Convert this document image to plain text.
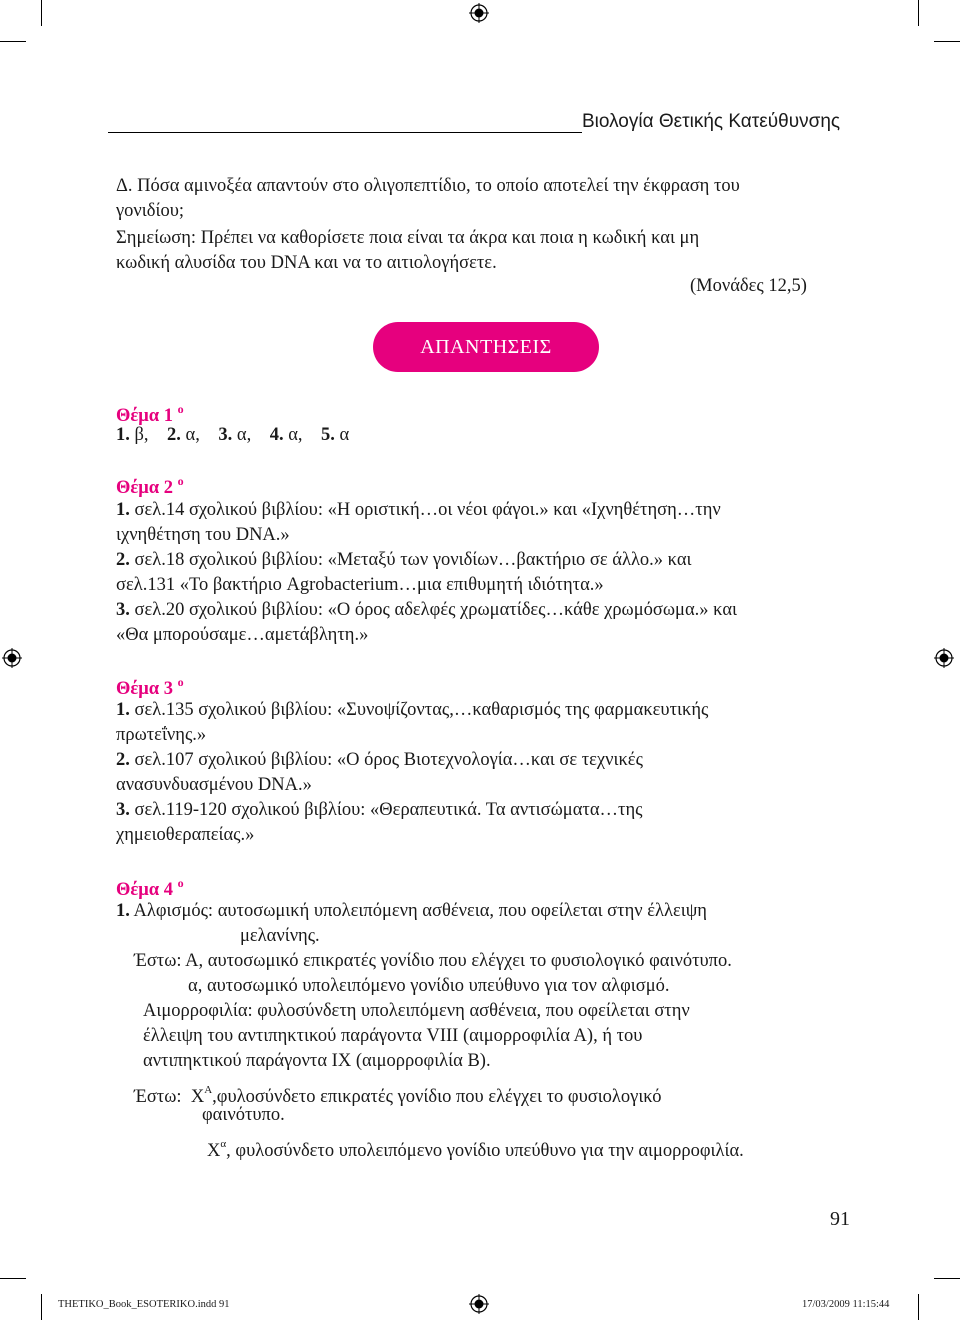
Βιολογία Θετικής Κατεύθυνσης
Δ. Πόσα αμινοξέα απαντούν στο ολιγοπεπτίδιο, το οποίο αποτελεί την έκφραση του
γονιδίου;
Σημείωση: Πρέπει να καθορίσετε ποια είναι τα άκρα και ποια η κωδική και μη
κωδική αλυσίδα του DNA και να το αιτιολογήσετε.
(Μονάδες 12,5)
ΑΠΑΝΤΗΣΕΙΣ
Θέμα 1 $^o$
1. β, 2. α, 3. α, 4. α, 5. α
Θέμα 2 $^o$
1. σελ.14 σχολικού βιβλίου: «Η οριστική…οι νέοι φάγοι.» και «Ιχνηθέτηση…την
ιχνηθέτηση του DNA.»
2. σελ.18 σχολικού βιβλίου: «Μεταξύ των γονιδίων…βακτήριο σε άλλο.» και
σελ.131 «Το βακτήριο Agrobacterium…μια επιθυμητή ιδιότητα.»
3. σελ.20 σχολικού βιβλίου: «Ο όρος αδελφές χρωματίδες…κάθε χρωμόσωμα.» και
«Θα μπορούσαμε…αμετάβλητη.»
Θέμα 3 $^o$
1. σελ.135 σχολικού βιβλίου: «Συνοψίζοντας,…καθαρισμός της φαρμακευτικής
πρωτεΐνης.»
2. σελ.107 σχολικού βιβλίου: «Ο όρος Βιοτεχνολογία…και σε τεχνικές
ανασυνδυασμένου DNA.»
3. σελ.119-120 σχολικού βιβλίου: «Θεραπευτικά. Τα αντισώματα…της
χημειοθεραπείας.»
Θέμα 4 $^o$
1. Αλφισμός: αυτοσωμική υπολειπόμενη ασθένεια, που οφείλεται στην έλλειψη
μελανίνης.
Έστω: Α, αυτοσωμικό επικρατές γονίδιο που ελέγχει το φυσιολογικό φαινότυπο.
α, αυτοσωμικό υπολειπόμενο γονίδιο υπεύθυνο για τον αλφισμό.
Αιμορροφιλία: φυλοσύνδετη υπολειπόμενη ασθένεια, που οφείλεται στην
έλλειψη του αντιπηκτικού παράγοντα VIII (αιμορροφιλία Α), ή του
αντιπηκτικού παράγοντα IX (αιμορροφιλία Β).
Έστω: $X^A,\varphi\upsilon\lambda o\sigma ύ\nu\delta\varepsilon\tau o$ επικρατές γονίδιο που ελέγχει το φυσιολογικό
φαινότυπο.
$X^\alpha$, φυλοσύνδετο υπολειπόμενο γονίδιο υπεύθυνο για την αιμορροφιλία.
91
THETIKO_Book_ESOTERIKO.indd 91	17/03/2009 11:15:44
